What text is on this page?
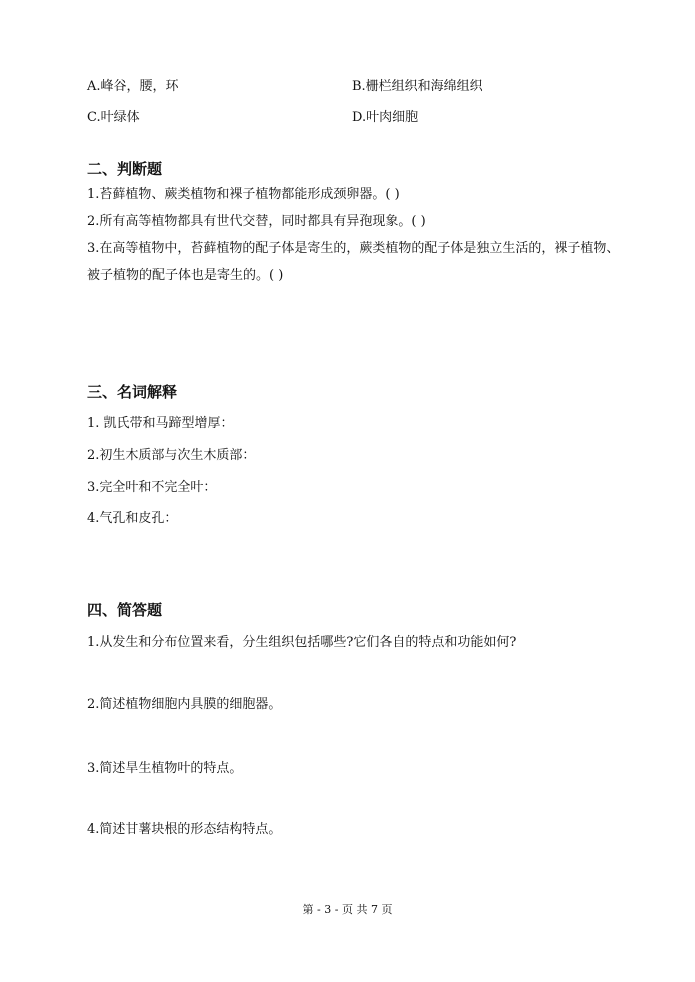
A.峰谷，腰，环	B.栅栏组织和海绵组织
C.叶绿体	D.叶肉细胞
二、判断题
1.苔藓植物、蕨类植物和裸子植物都能形成颈卵器。( )
2.所有高等植物都具有世代交替，同时都具有异孢现象。( )
3.在高等植物中，苔藓植物的配子体是寄生的，蕨类植物的配子体是独立生活的，裸子植物、
被子植物的配子体也是寄生的。( )
三、名词解释
1. 凯氏带和马蹄型增厚：
2.初生木质部与次生木质部：
3.完全叶和不完全叶：
4.气孔和皮孔：
四、简答题
1.从发生和分布位置来看，分生组织包括哪些?它们各自的特点和功能如何?
2.简述植物细胞内具膜的细胞器。
3.简述旱生植物叶的特点。
4.简述甘薯块根的形态结构特点。
第 - 3 - 页 共 7 页
